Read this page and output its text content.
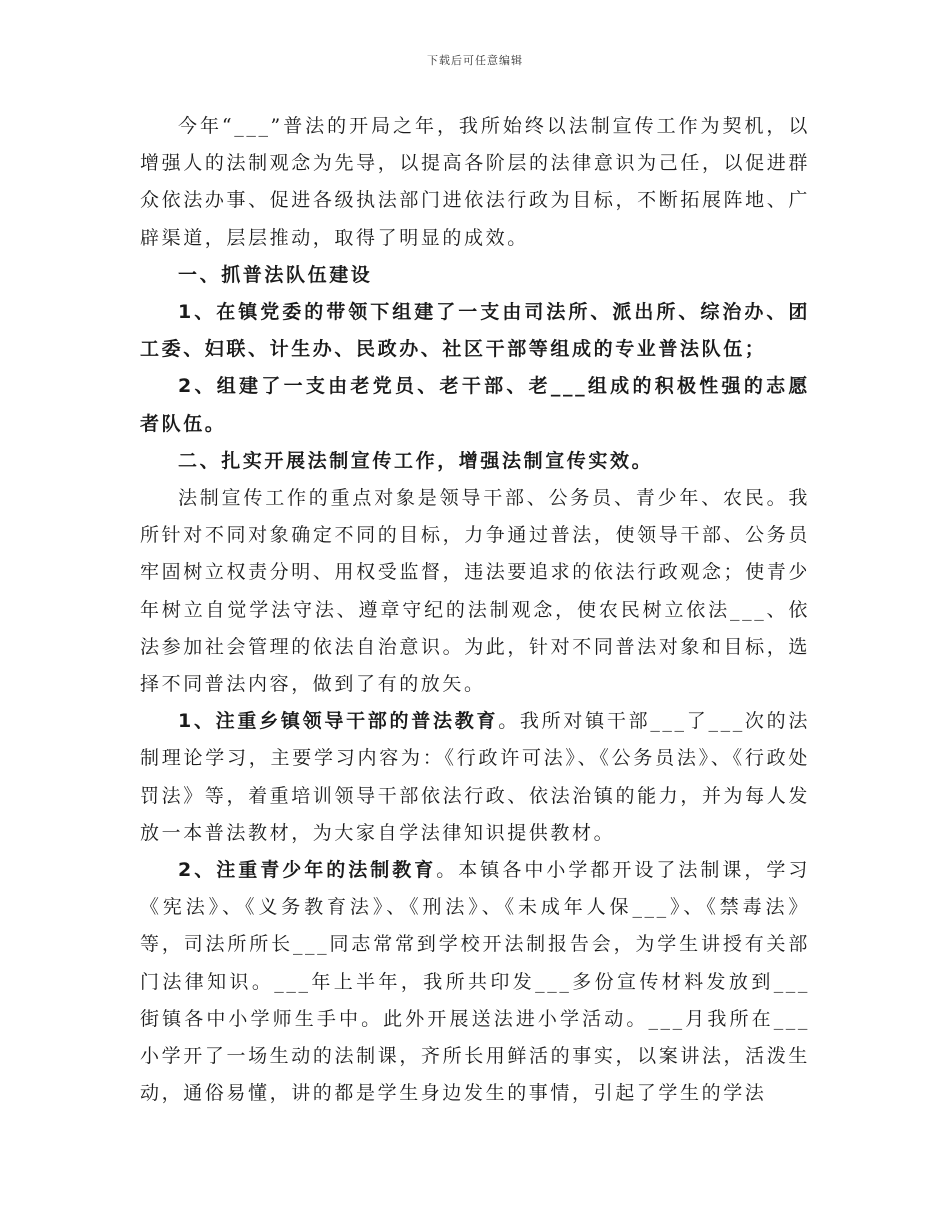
下载后可任意编辑

今年“___”普法的开局之年，我所始终以法制宣传工作为契机，以增强人的法制观念为先导，以提高各阶层的法律意识为己任，以促进群众依法办事、促进各级执法部门进依法行政为目标，不断拓展阵地、广辟渠道，层层推动，取得了明显的成效。

一、抓普法队伍建设

1、在镇党委的带领下组建了一支由司法所、派出所、综治办、团工委、妇联、计生办、民政办、社区干部等组成的专业普法队伍；

2、组建了一支由老党员、老干部、老___组成的积极性强的志愿者队伍。

二、扎实开展法制宣传工作，增强法制宣传实效。

法制宣传工作的重点对象是领导干部、公务员、青少年、农民。我所针对不同对象确定不同的目标，力争通过普法，使领导干部、公务员牢固树立权责分明、用权受监督，违法要追求的依法行政观念；使青少年树立自觉学法守法、遵章守纪的法制观念，使农民树立依法___、依法参加社会管理的依法自治意识。为此，针对不同普法对象和目标，选择不同普法内容，做到了有的放矢。

1、注重乡镇领导干部的普法教育。我所对镇干部___了___次的法制理论学习，主要学习内容为：《行政许可法》、《公务员法》、《行政处罚法》等，着重培训领导干部依法行政、依法治镇的能力，并为每人发放一本普法教材，为大家自学法律知识提供教材。

2、注重青少年的法制教育。本镇各中小学都开设了法制课，学习《宪法》、《义务教育法》、《刑法》、《未成年人保___》、《禁毒法》等，司法所所长___同志常常到学校开法制报告会，为学生讲授有关部门法律知识。___年上半年，我所共印发___多份宣传材料发放到___街镇各中小学师生手中。此外开展送法进小学活动。___月我所在___小学开了一场生动的法制课，齐所长用鲜活的事实，以案讲法，活泼生动，通俗易懂，讲的都是学生身边发生的事情，引起了学生的学法
